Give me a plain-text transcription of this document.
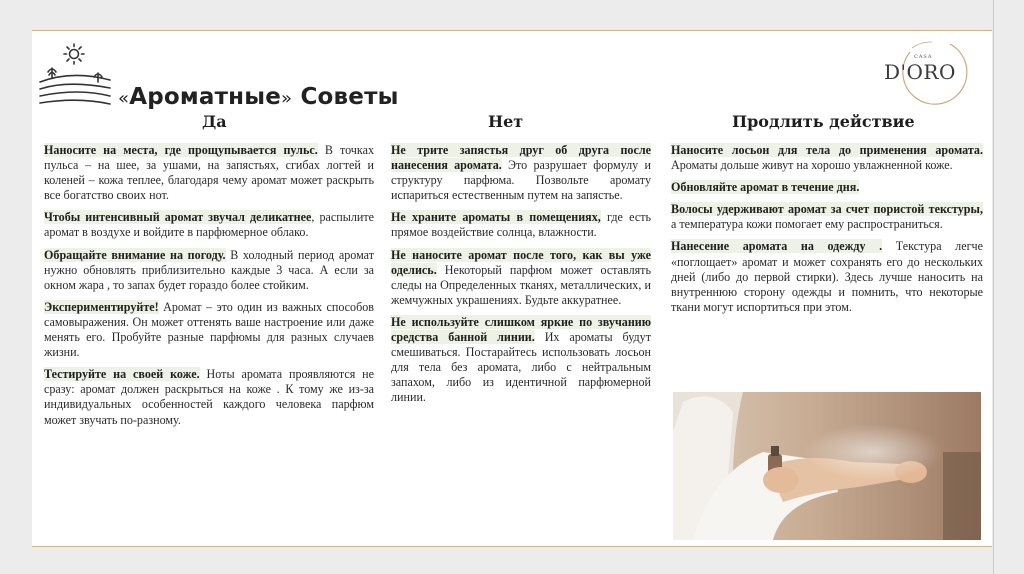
«Ароматные» Советы
CASA
D'ORO
Да	Нет	Продлить действие

Наносите на места, где прощупывается пульс. В точках пульса – на шее, за ушами, на запястьях, сгибах логтей и коленей – кожа теплее, благодаря чему аромат может раскрыть все богатство своих нот.

Чтобы интенсивный аромат звучал деликатнее, распылите аромат в воздухе и войдите в парфюмерное облако.

Обращайте внимание на погоду. В холодный период аромат нужно обновлять приблизительно каждые 3 часа. А если за окном жара , то запах будет гораздо более стойким.

Экспериментируйте! Аромат – это один из важных способов самовыражения. Он может оттенять ваше настроение или даже менять его. Пробуйте разные парфюмы для разных случаев жизни.

Тестируйте на своей коже. Ноты аромата проявляются не сразу: аромат должен раскрыться на коже . К тому же из-за индивидуальных особенностей каждого человека парфюм может звучать по-разному.

Не трите запястья друг об друга после нанесения аромата. Это разрушает формулу и структуру парфюма. Позвольте аромату испариться естественным путем на запястье.

Не храните ароматы в помещениях, где есть прямое воздействие солнца, влажности.

Не наносите аромат после того, как вы уже оделись. Некоторый парфюм может оставлять следы на Определенных тканях, металлических, и жемчужных украшениях. Будьте аккуратнее.

Не используйте слишком яркие по звучанию средства банной линии. Их ароматы будут смешиваться. Постарайтесь использовать лосьон для тела без аромата, либо с нейтральным запахом, либо из идентичной парфюмерной линии.

Наносите лосьон для тела до применения аромата. Ароматы дольше живут на хорошо увлажненной коже.

Обновляйте аромат в течение дня.

Волосы удерживают аромат за счет пористой текстуры, а температура кожи помогает ему распространиться.

Нанесение аромата на одежду . Текстура легче «поглощает» аромат и может сохранять его до нескольких дней (либо до первой стирки). Здесь лучше наносить на внутреннюю сторону одежды и помнить, что некоторые ткани могут испортиться при этом.
